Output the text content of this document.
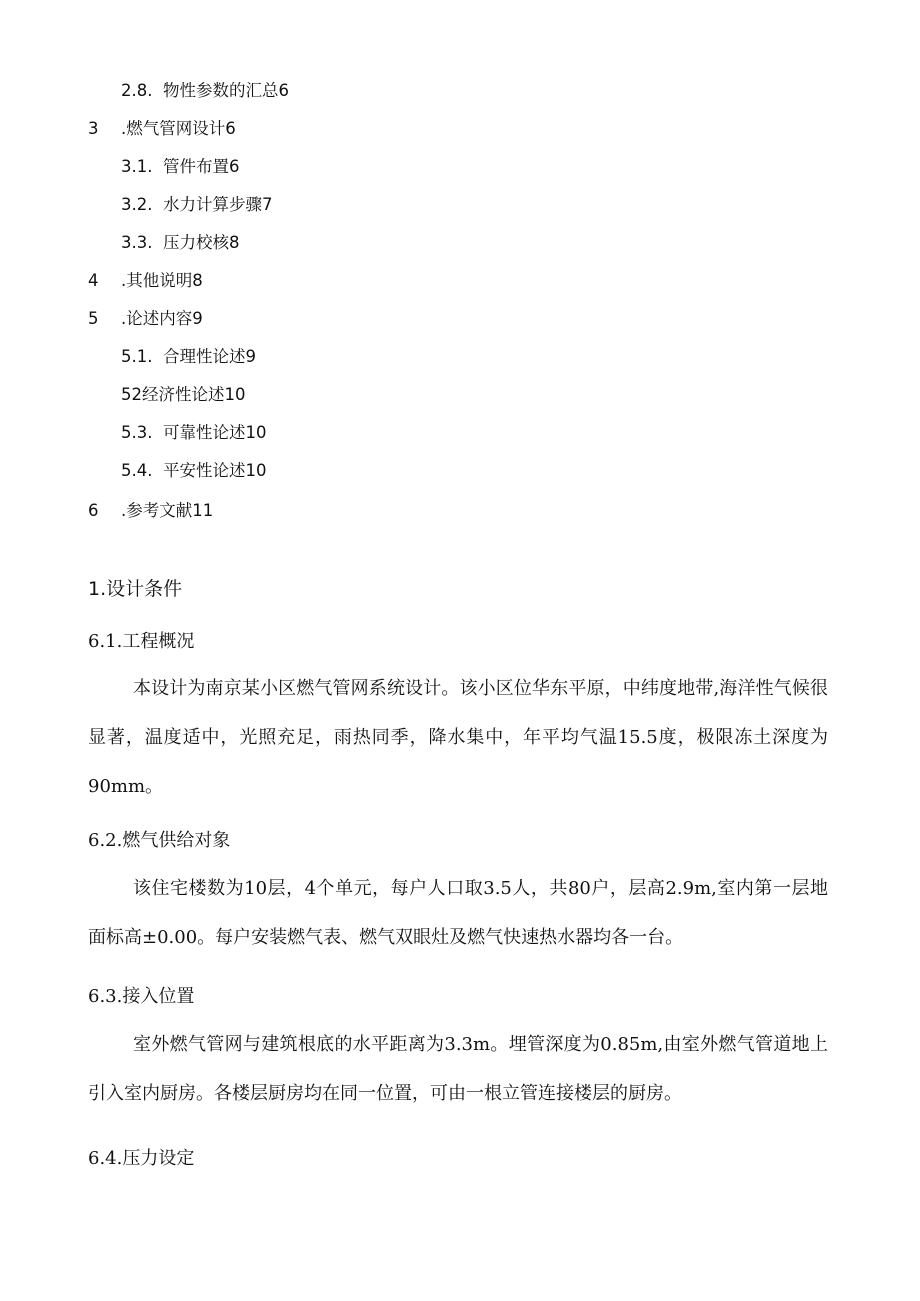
2.8. 物性参数的汇总6
3 .燃气管网设计6
3.1. 管件布置6
3.2. 水力计算步骤7
3.3. 压力校核8
4 .其他说明8
5 .论述内容9
5.1. 合理性论述9
52经济性论述10
5.3. 可靠性论述10
5.4. 平安性论述10
6 .参考文献11
1.设计条件
6.1.工程概况
本设计为南京某小区燃气管网系统设计。该小区位华东平原，中纬度地带,海洋性气候很显著，温度适中，光照充足，雨热同季，降水集中，年平均气温15.5度，极限冻土深度为90mm。
6.2.燃气供给对象
该住宅楼数为10层，4个单元，每户人口取3.5人，共80户，层高2.9m,室内第一层地面标高±0.00。每户安装燃气表、燃气双眼灶及燃气快速热水器均各一台。
6.3.接入位置
室外燃气管网与建筑根底的水平距离为3.3m。埋管深度为0.85m,由室外燃气管道地上引入室内厨房。各楼层厨房均在同一位置，可由一根立管连接楼层的厨房。
6.4.压力设定
